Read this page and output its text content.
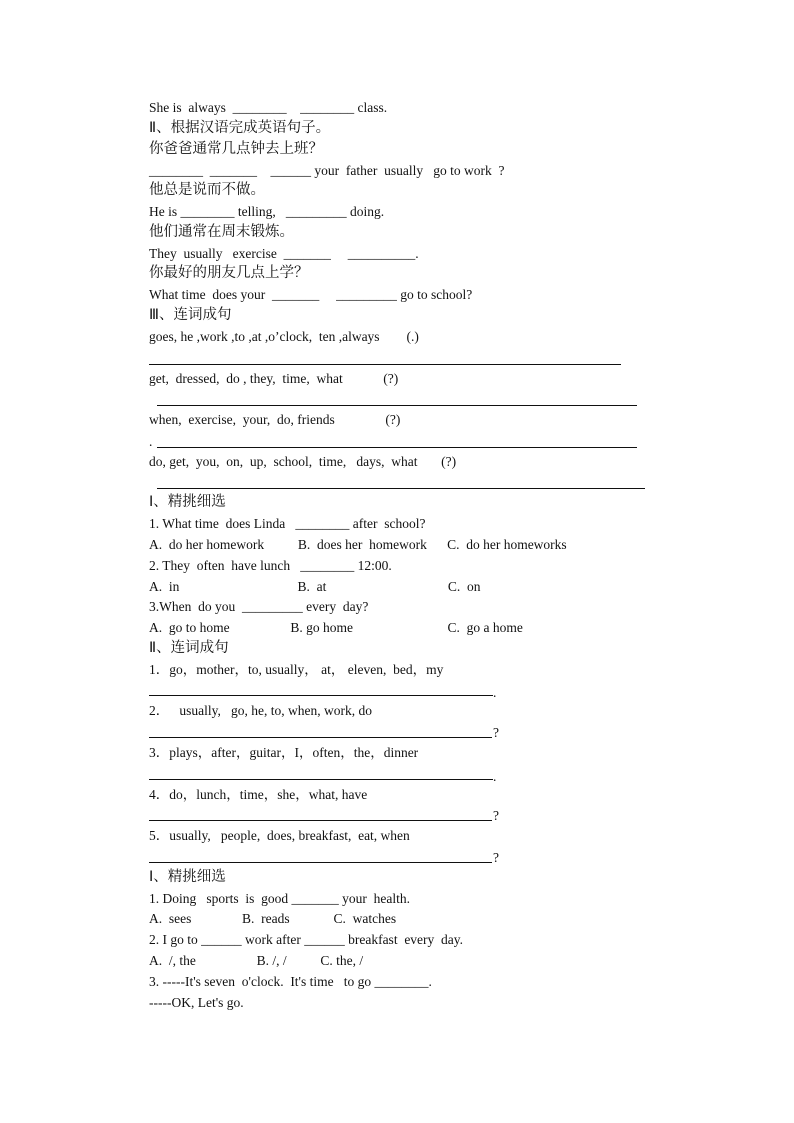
She is  always  ________    ________ class.
Ⅱ、根据汉语完成英语句子。
你爸爸通常几点钟去上班？
________  _______    ______ your  father  usually   go to work  ?
他总是说而不做。
He is ________ telling,   _________ doing.
他们通常在周末锻炼。
They  usually   exercise  _______     __________.
你最好的朋友几点上学？
What time  does your  _______     _________ go to school?
Ⅲ、连词成句
goes, he ,work ,to ,at ,o’clock,  ten ,always        (.)
get,  dressed,  do , they,  time,  what            (?)
when,  exercise,  your,  do, friends               (?)
.
do, get,  you,  on,  up,  school,  time,   days,  what       (?)
Ⅰ、精挑细选
1. What time  does Linda   ________ after  school?
A.  do her homework          B.  does her  homework      C.  do her homeworks
2. They  often  have lunch   ________ 12:00.
A.  in                                   B.  at                                    C.  on
3.When  do you  _________ every  day?
A.  go to home                  B. go home                            C.  go a home
Ⅱ、连词成句
1．go，mother，to, usually， at， eleven,  bed，my
.
2．   usually,   go, he, to, when, work, do
?
3．plays，after，guitar，I，often，the，dinner
.
4．do，lunch，time，she，what, have
?
5．usually,   people,  does, breakfast,  eat, when
?
Ⅰ、精挑细选
1. Doing   sports  is  good _______ your  health.
A.  sees               B.  reads             C.  watches
2. I go to ______ work after ______ breakfast  every  day.
A.  /, the                  B. /, /          C. the, /
3. -----It's seven  o'clock.  It's time   to go ________.
-----OK, Let's go.
